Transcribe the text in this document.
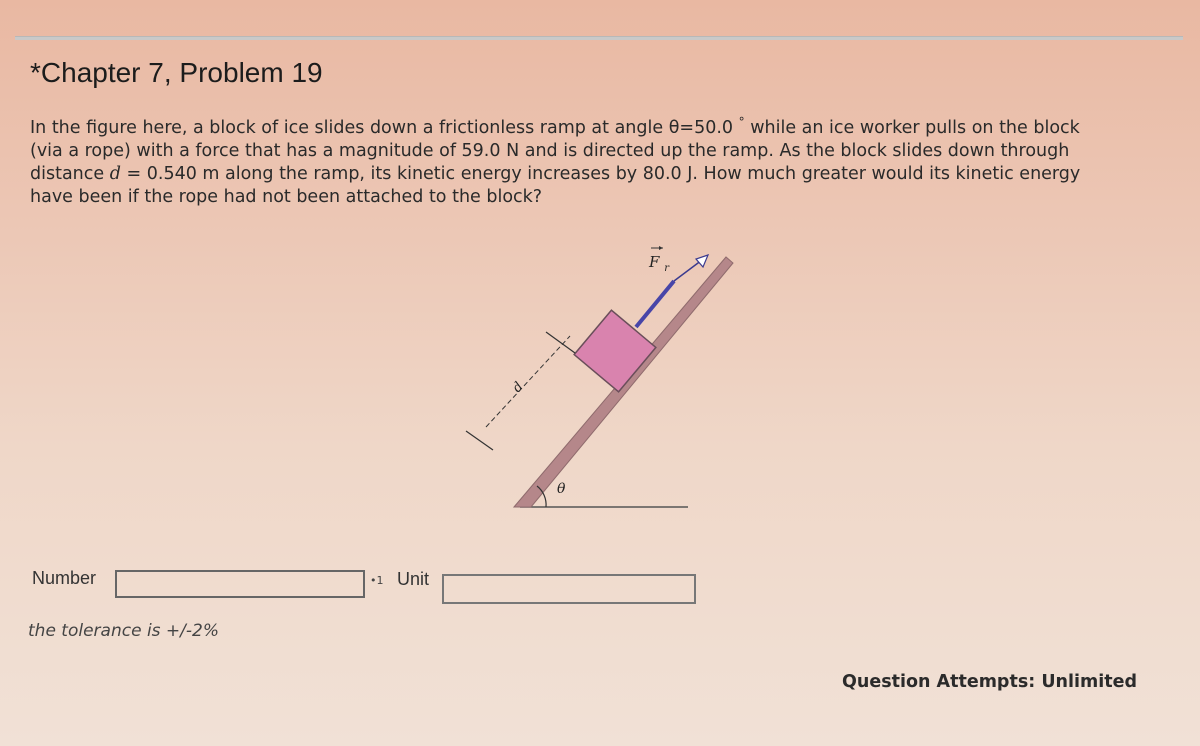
*Chapter 7, Problem 19
In the figure here, a block of ice slides down a frictionless ramp at angle θ=50.0 ° while an ice worker pulls on the block
(via a rope) with a force that has a magnitude of 59.0 N and is directed up the ramp. As the block slides down through
distance d = 0.540 m along the ramp, its kinetic energy increases by 80.0 J. How much greater would its kinetic energy
have been if the rope had not been attached to the block?
θ
F $_r$
d
Number	•1 Unit
the tolerance is +/-2%
Question Attempts: Unlimited
